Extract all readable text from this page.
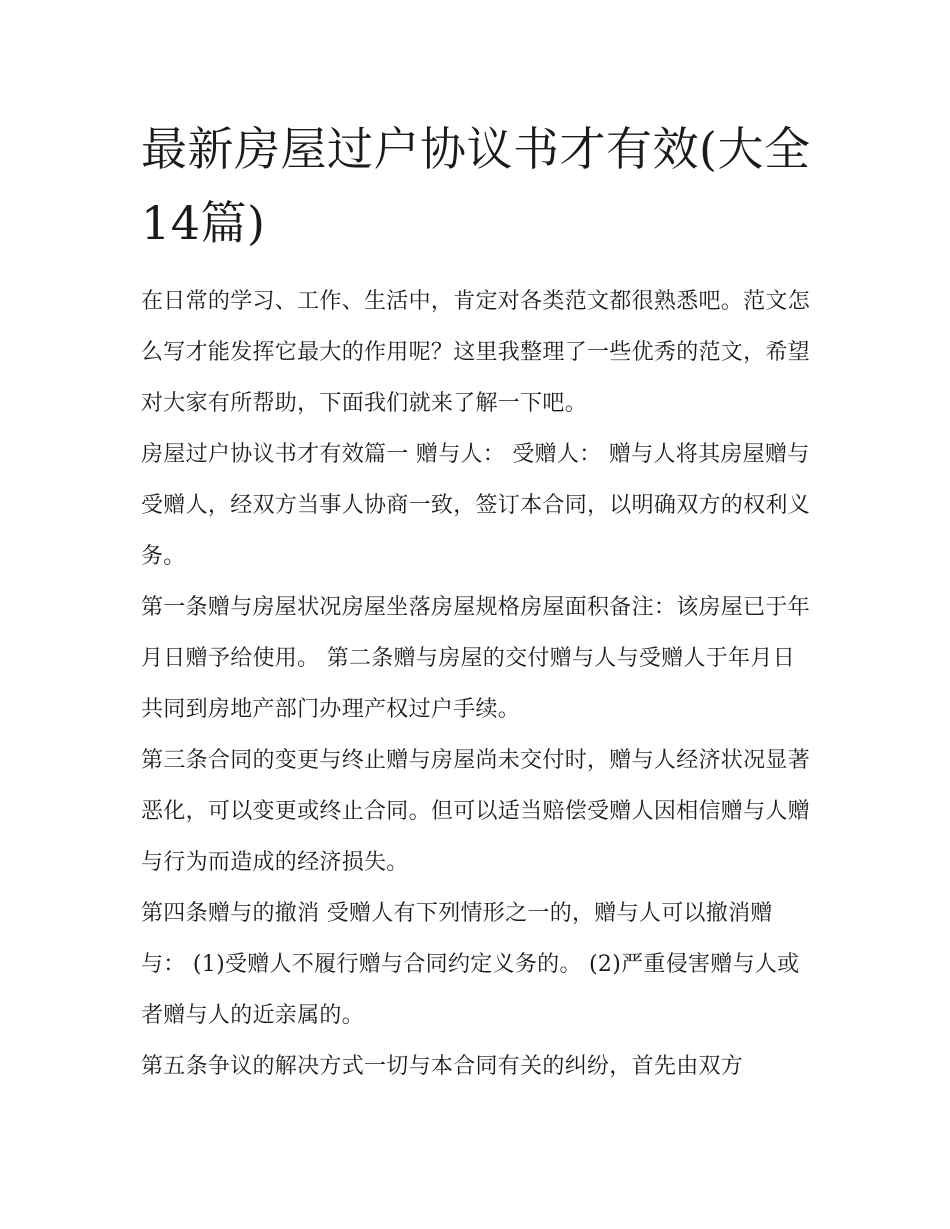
最新房屋过户协议书才有效(大全14篇)

在日常的学习、工作、生活中，肯定对各类范文都很熟悉吧。范文怎么写才能发挥它最大的作用呢？这里我整理了一些优秀的范文，希望对大家有所帮助，下面我们就来了解一下吧。

房屋过户协议书才有效篇一 赠与人： 受赠人： 赠与人将其房屋赠与受赠人，经双方当事人协商一致，签订本合同，以明确双方的权利义务。

第一条赠与房屋状况房屋坐落房屋规格房屋面积备注：该房屋已于年月日赠予给使用。 第二条赠与房屋的交付赠与人与受赠人于年月日共同到房地产部门办理产权过户手续。

第三条合同的变更与终止赠与房屋尚未交付时，赠与人经济状况显著恶化，可以变更或终止合同。但可以适当赔偿受赠人因相信赠与人赠与行为而造成的经济损失。

第四条赠与的撤消 受赠人有下列情形之一的，赠与人可以撤消赠与： (1)受赠人不履行赠与合同约定义务的。 (2)严重侵害赠与人或者赠与人的近亲属的。

第五条争议的解决方式一切与本合同有关的纠纷，首先由双方
